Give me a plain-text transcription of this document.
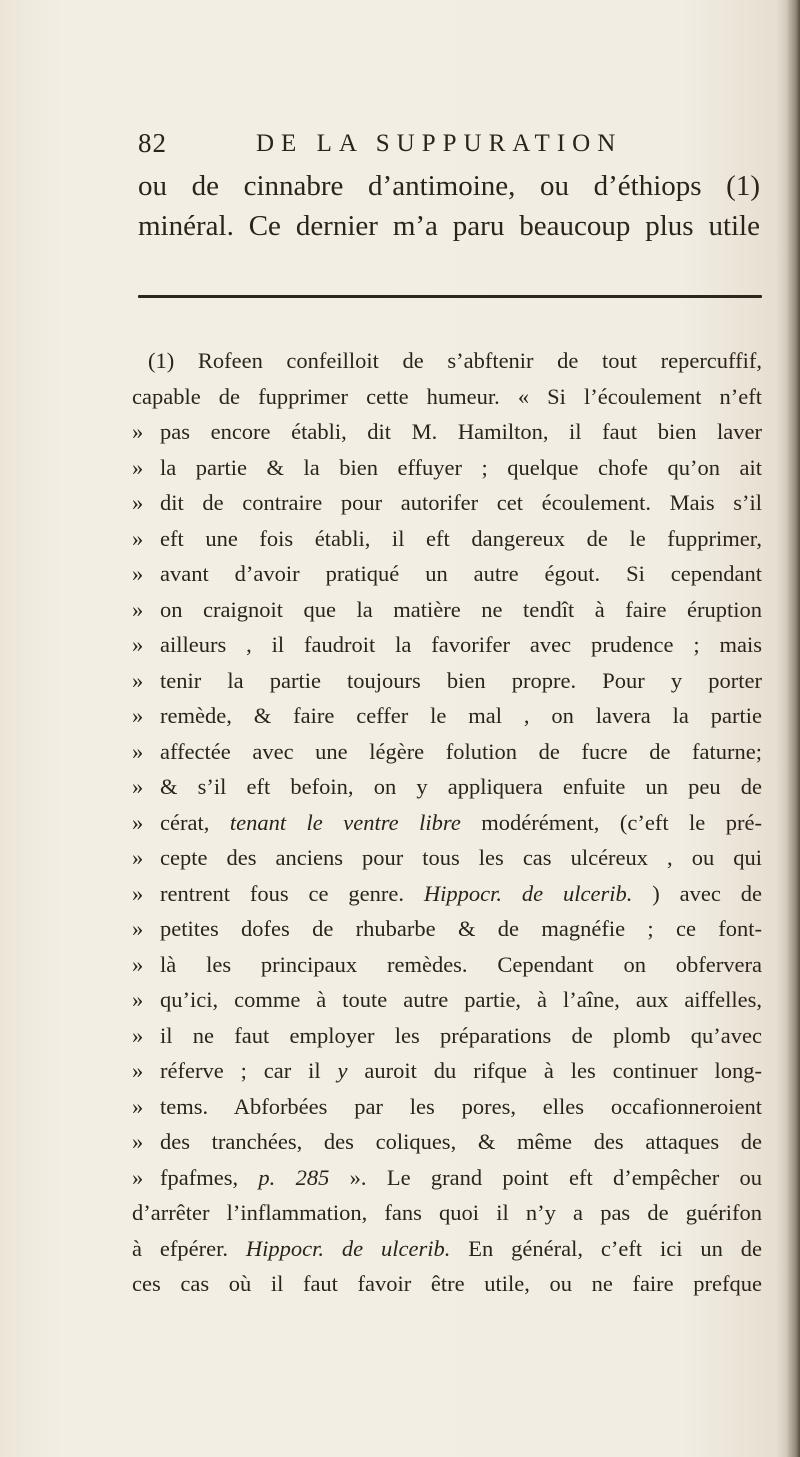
82	DE LA SUPPURATION
ou de cinnabre d’antimoine, ou d’éthiops (1)
minéral. Ce dernier m’a paru beaucoup plus utile
(1) Rofeen confeilloit de s’abftenir de tout repercuffif,
capable de fupprimer cette humeur. « Si l’écoulement n’eft
» pas encore établi, dit M. Hamilton, il faut bien laver
» la partie & la bien effuyer ; quelque chofe qu’on ait
» dit de contraire pour autorifer cet écoulement. Mais s’il
» eft une fois établi, il eft dangereux de le fupprimer,
» avant d’avoir pratiqué un autre égout. Si cependant
» on craignoit que la matière ne tendît à faire éruption
» ailleurs , il faudroit la favorifer avec prudence ; mais
» tenir la partie toujours bien propre. Pour y porter
» remède, & faire ceffer le mal , on lavera la partie
» affectée avec une légère folution de fucre de faturne;
» & s’il eft befoin, on y appliquera enfuite un peu de
» cérat, tenant le ventre libre modérément, (c’eft le pré-
» cepte des anciens pour tous les cas ulcéreux , ou qui
» rentrent fous ce genre. Hippocr. de ulcerib. ) avec de
» petites dofes de rhubarbe & de magnéfie ; ce font-
» là les principaux remèdes. Cependant on obfervera
» qu’ici, comme à toute autre partie, à l’aîne, aux aiffelles,
» il ne faut employer les préparations de plomb qu’avec
» réferve ; car il y auroit du rifque à les continuer long-
» tems. Abforbées par les pores, elles occafionneroient
» des tranchées, des coliques, & même des attaques de
» fpafmes, p. 285 ». Le grand point eft d’empêcher ou
d’arrêter l’inflammation, fans quoi il n’y a pas de guérifon
à efpérer. Hippocr. de ulcerib. En général, c’eft ici un de
ces cas où il faut favoir être utile, ou ne faire prefque
